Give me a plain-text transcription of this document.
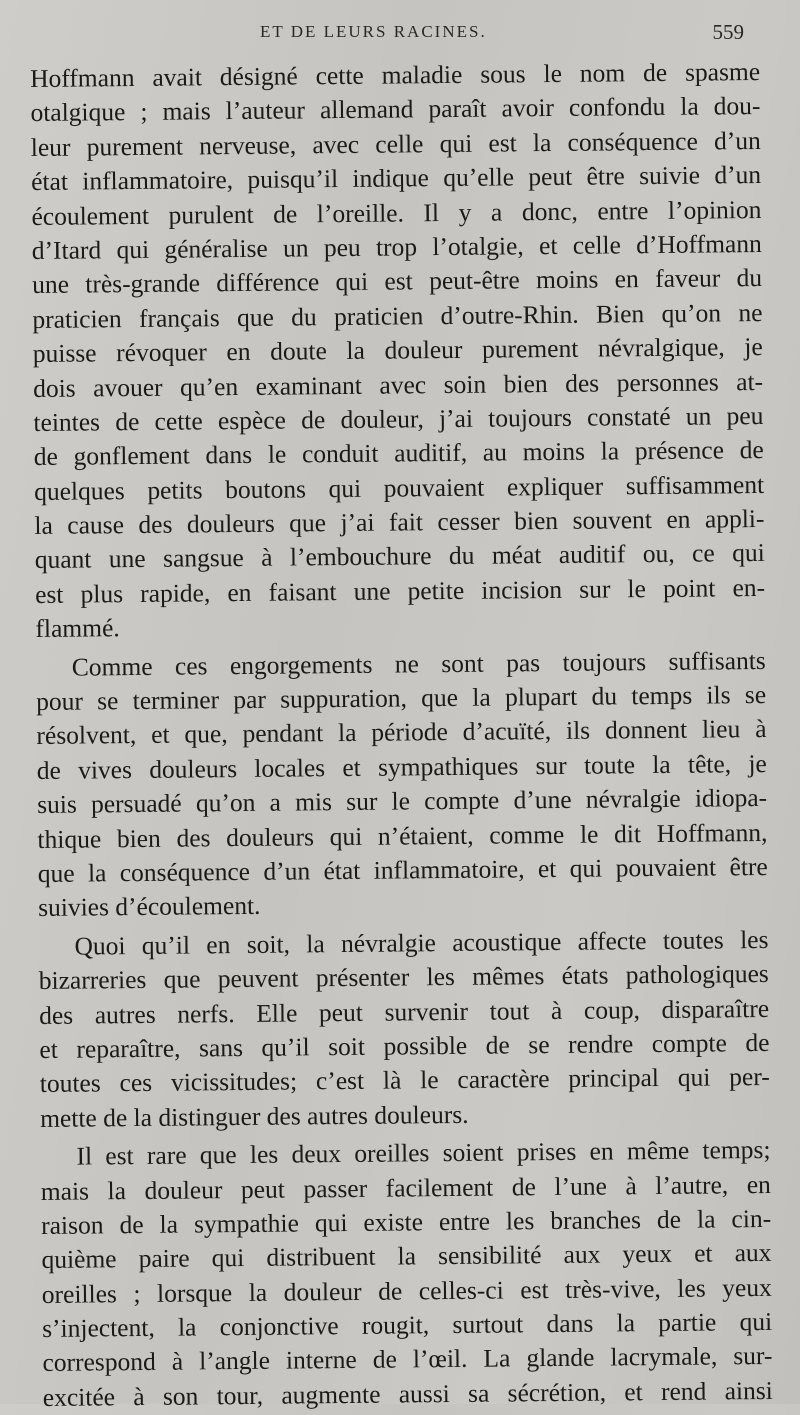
ET DE LEURS RACINES.	559
Hoffmann avait désigné cette maladie sous le nom de spasme
otalgique ; mais l’auteur allemand paraît avoir confondu la dou-
leur purement nerveuse, avec celle qui est la conséquence d’un
état inflammatoire, puisqu’il indique qu’elle peut être suivie d’un
écoulement purulent de l’oreille. Il y a donc, entre l’opinion
d’Itard qui généralise un peu trop l’otalgie, et celle d’Hoffmann
une très-grande différence qui est peut-être moins en faveur du
praticien français que du praticien d’outre-Rhin. Bien qu’on ne
puisse révoquer en doute la douleur purement névralgique, je
dois avouer qu’en examinant avec soin bien des personnes at-
teintes de cette espèce de douleur, j’ai toujours constaté un peu
de gonflement dans le conduit auditif, au moins la présence de
quelques petits boutons qui pouvaient expliquer suffisamment
la cause des douleurs que j’ai fait cesser bien souvent en appli-
quant une sangsue à l’embouchure du méat auditif ou, ce qui
est plus rapide, en faisant une petite incision sur le point en-
flammé.
Comme ces engorgements ne sont pas toujours suffisants
pour se terminer par suppuration, que la plupart du temps ils se
résolvent, et que, pendant la période d’acuïté, ils donnent lieu à
de vives douleurs locales et sympathiques sur toute la tête, je
suis persuadé qu’on a mis sur le compte d’une névralgie idiopa-
thique bien des douleurs qui n’étaient, comme le dit Hoffmann,
que la conséquence d’un état inflammatoire, et qui pouvaient être
suivies d’écoulement.
Quoi qu’il en soit, la névralgie acoustique affecte toutes les
bizarreries que peuvent présenter les mêmes états pathologiques
des autres nerfs. Elle peut survenir tout à coup, disparaître
et reparaître, sans qu’il soit possible de se rendre compte de
toutes ces vicissitudes; c’est là le caractère principal qui per-
mette de la distinguer des autres douleurs.
Il est rare que les deux oreilles soient prises en même temps;
mais la douleur peut passer facilement de l’une à l’autre, en
raison de la sympathie qui existe entre les branches de la cin-
quième paire qui distribuent la sensibilité aux yeux et aux
oreilles ; lorsque la douleur de celles-ci est très-vive, les yeux
s’injectent, la conjonctive rougit, surtout dans la partie qui
correspond à l’angle interne de l’œil. La glande lacrymale, sur-
excitée à son tour, augmente aussi sa sécrétion, et rend ainsi
